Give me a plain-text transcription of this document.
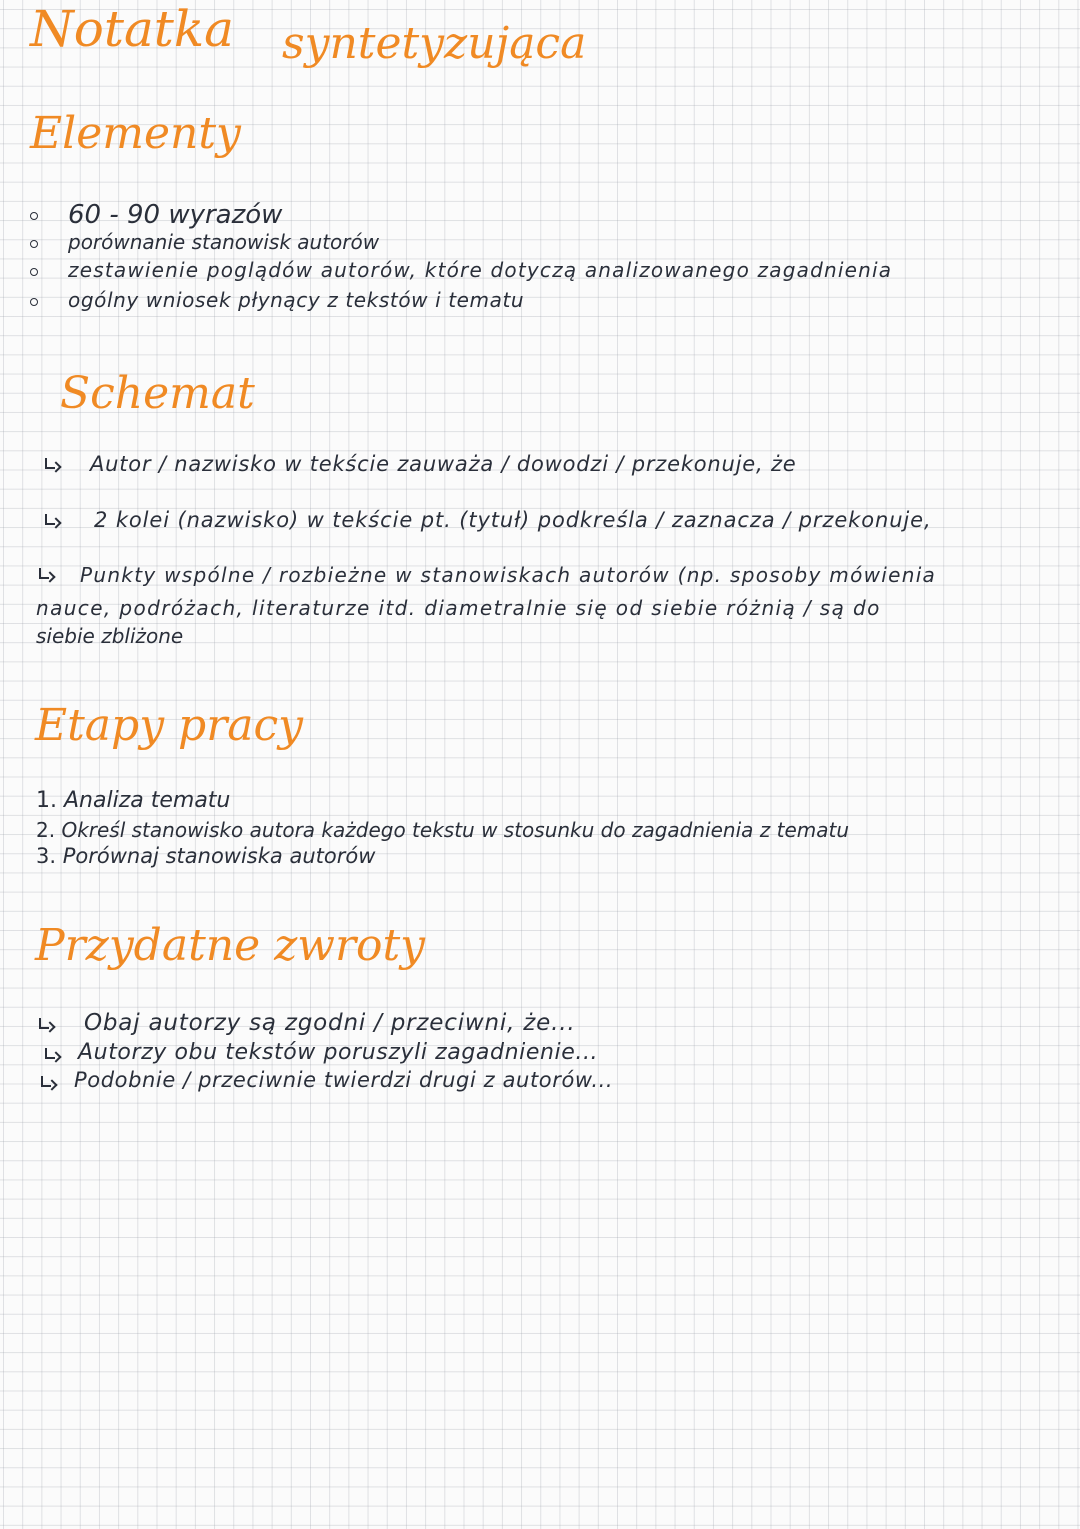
Notatka syntetyzująca
Elementy
60 - 90 wyrazów
porównanie stanowisk autorów
zestawienie poglądów autorów, które dotyczą analizowanego zagadnienia
ogólny wniosek płynący z tekstów i tematu
Schemat
Autor / nazwisko w tekście zauważa / dowodzi / przekonuje, że
2 kolei (nazwisko) w tekście pt. (tytuł) podkreśla / zaznacza / przekonuje,
Punkty wspólne / rozbieżne w stanowiskach autorów (np. sposoby mówienia
nauce, podróżach, literaturze itd. diametralnie się od siebie różnią / są do
siebie zbliżone
Etapy pracy
1. Analiza tematu
2. Określ stanowisko autora każdego tekstu w stosunku do zagadnienia z tematu
3. Porównaj stanowiska autorów
Przydatne zwroty
Obaj autorzy są zgodni / przeciwni, że...
Autorzy obu tekstów poruszyli zagadnienie...
Podobnie / przeciwnie twierdzi drugi z autorów...
